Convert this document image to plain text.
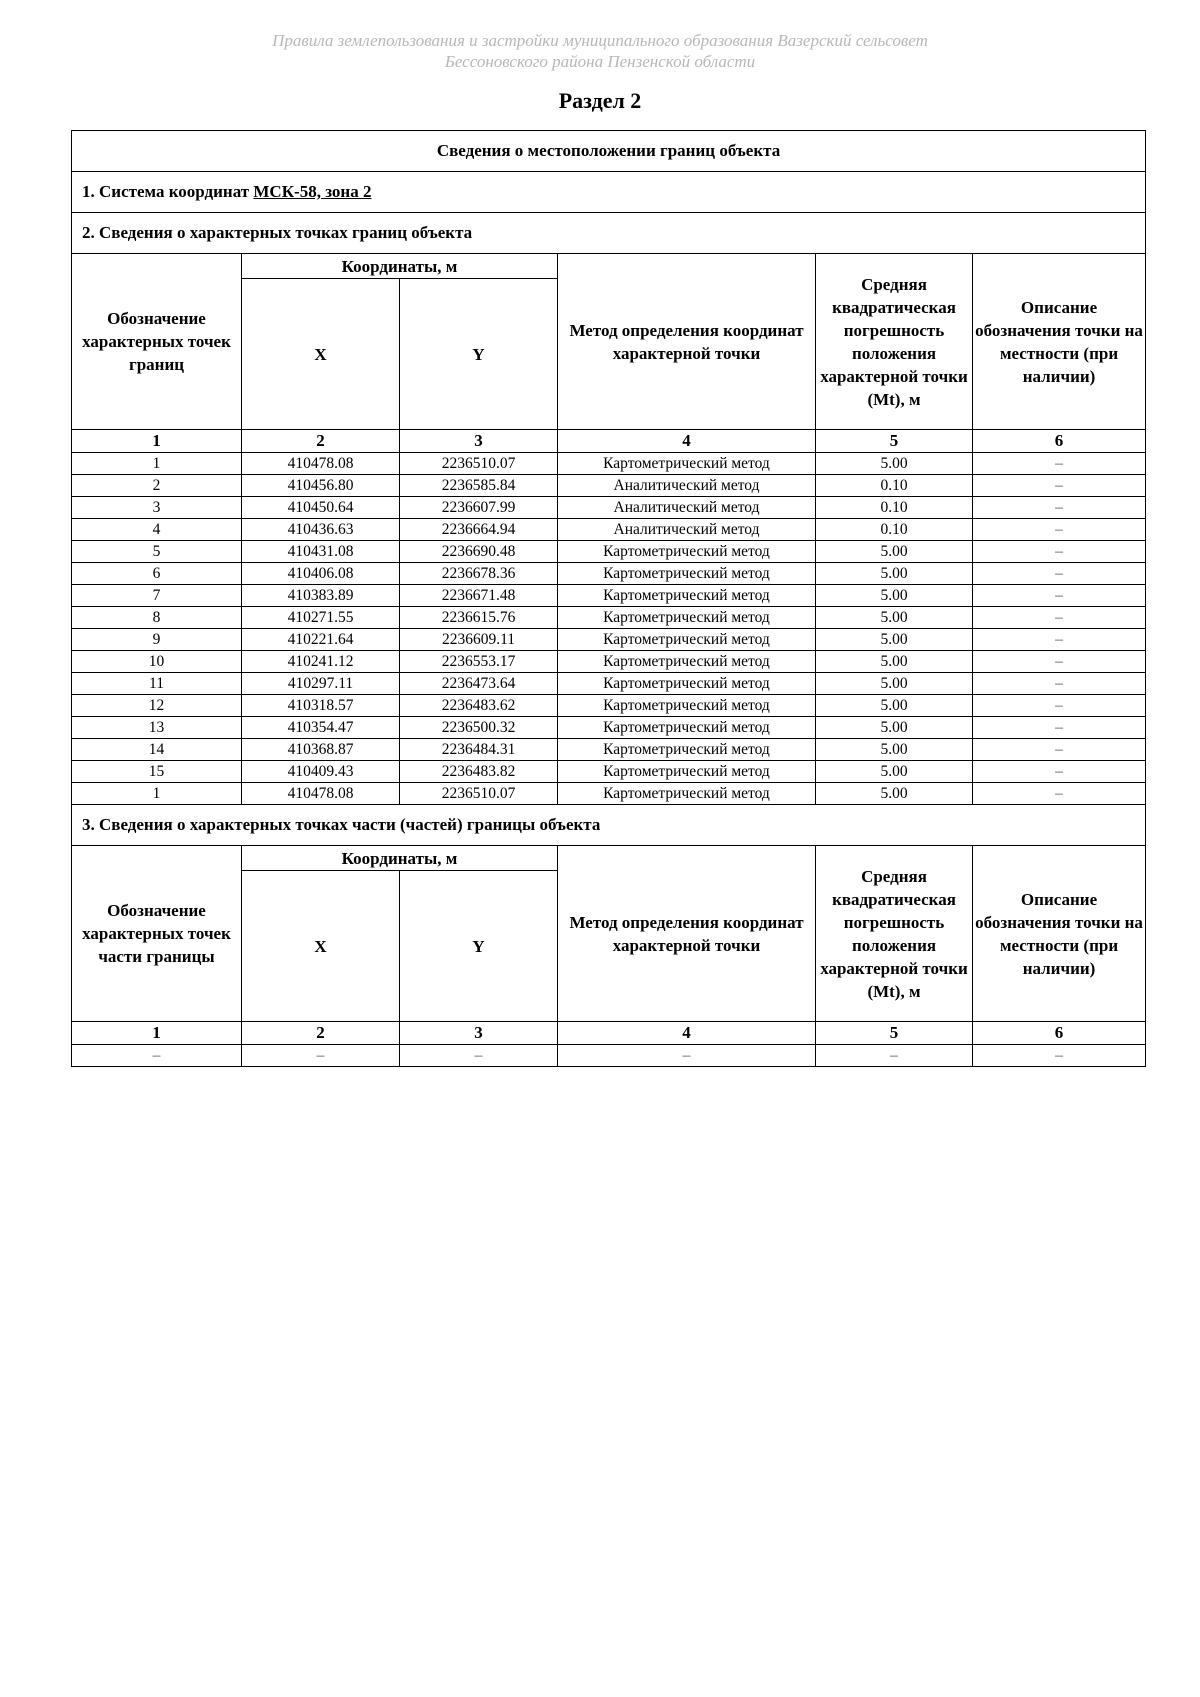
Правила землепользования и застройки муниципального образования Вазерский сельсовет
Бессоновского района Пензенской области
Раздел 2
Сведения о местоположении границ объекта					
1. Система координат МСК-58, зона 2					
2. Сведения о характерных точках границ объекта					
Обозначение характерных точек границ	Координаты, м		Метод определения координат характерной точки	Средняя квадратическая погрешность положения характерной точки (Mt), м	Описание обозначения точки на местности (при наличии)
	X	Y			
1	2	3	4	5	6
1	410478.08	2236510.07	Картометрический метод	5.00	–
2	410456.80	2236585.84	Аналитический метод	0.10	–
3	410450.64	2236607.99	Аналитический метод	0.10	–
4	410436.63	2236664.94	Аналитический метод	0.10	–
5	410431.08	2236690.48	Картометрический метод	5.00	–
6	410406.08	2236678.36	Картометрический метод	5.00	–
7	410383.89	2236671.48	Картометрический метод	5.00	–
8	410271.55	2236615.76	Картометрический метод	5.00	–
9	410221.64	2236609.11	Картометрический метод	5.00	–
10	410241.12	2236553.17	Картометрический метод	5.00	–
11	410297.11	2236473.64	Картометрический метод	5.00	–
12	410318.57	2236483.62	Картометрический метод	5.00	–
13	410354.47	2236500.32	Картометрический метод	5.00	–
14	410368.87	2236484.31	Картометрический метод	5.00	–
15	410409.43	2236483.82	Картометрический метод	5.00	–
1	410478.08	2236510.07	Картометрический метод	5.00	–
3. Сведения о характерных точках части (частей) границы объекта					
Обозначение характерных точек части границы	Координаты, м		Метод определения координат характерной точки	Средняя квадратическая погрешность положения характерной точки (Mt), м	Описание обозначения точки на местности (при наличии)
	X	Y			
1	2	3	4	5	6
–	–	–	–	–	–
